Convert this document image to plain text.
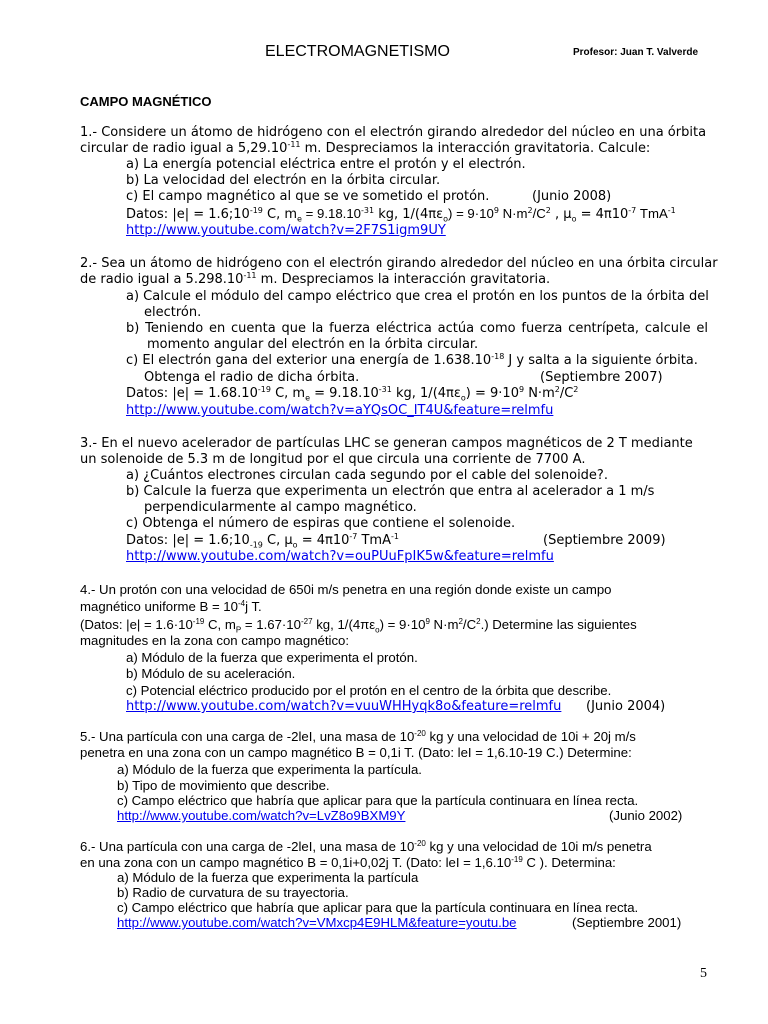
ELECTROMAGNETISMO	Profesor: Juan T. Valverde
CAMPO MAGNÉTICO
1.- Considere un átomo de hidrógeno con el electrón girando alrededor del núcleo en una órbita
circular de radio igual a $5,29.10^{-11}$ m. Despreciamos la interacción gravitatoria. Calcule:
a) La energía potencial eléctrica entre el protón y el electrón.
b) La velocidad del electrón en la órbita circular.
c) El campo magnético al que se ve sometido el protón.	(Junio 2008)
Datos: $|e| = 1.6;10^{-19}$ C, $m_e = 9.18.10^{-31}$ kg, $1/(4\pi\varepsilon_o) = 9\cdot 10^9$ $N\cdot m^2/C^2$ , $\mu_o = 4\pi 10^{-7}$ TmA$^{-1}$
http://www.youtube.com/watch?v=2F7S1igm9UY
2.- Sea un átomo de hidrógeno con el electrón girando alrededor del núcleo en una órbita circular
de radio igual a $5.298.10^{-11}$ m. Despreciamos la interacción gravitatoria.
a) Calcule el módulo del campo eléctrico que crea el protón en los puntos de la órbita del
electrón.
b) Teniendo en cuenta que la fuerza eléctrica actúa como fuerza centrípeta, calcule el
momento angular del electrón en la órbita circular.
c) El electrón gana del exterior una energía de $1.638.10^{-18}$ J y salta a la siguiente órbita.
Obtenga el radio de dicha órbita.	(Septiembre 2007)
Datos: $|e| = 1.68.10^{-19}$ C, $m_e = 9.18.10^{-31}$ kg, $1/(4\pi\varepsilon_o) = 9\cdot 10^9$ $N\cdot m^2/C^2$
http://www.youtube.com/watch?v=aYQsOC_IT4U&feature=relmfu
3.- En el nuevo acelerador de partículas LHC se generan campos magnéticos de 2 T mediante
un solenoide de 5.3 m de longitud por el que circula una corriente de 7700 A.
a) ¿Cuántos electrones circulan cada segundo por el cable del solenoide?.
b) Calcule la fuerza que experimenta un electrón que entra al acelerador a 1 m/s
perpendicularmente al campo magnético.
c) Obtenga el número de espiras que contiene el solenoide.
Datos: $|e| = 1.6;10_{-19}$ C, $\mu_o = 4\pi 10^{-7}$ TmA$^{-1}$	(Septiembre 2009)
http://www.youtube.com/watch?v=ouPUuFpIK5w&feature=relmfu
4.- Un protón con una velocidad de 650i m/s penetra en una región donde existe un campo
magnético uniforme $B = 10^{-4}j$ T.
(Datos: $|e| = 1.6\cdot 10^{-19}$ C, $m_P = 1.67\cdot 10^{-27}$ kg, $1/(4\pi\varepsilon_o) = 9\cdot 10^9$ $N\cdot m^2/C^2$.) Determine las siguientes
magnitudes en la zona con campo magnético:
a) Módulo de la fuerza que experimenta el protón.
b) Módulo de su aceleración.
c) Potencial eléctrico producido por el protón en el centro de la órbita que describe.
http://www.youtube.com/watch?v=vuuWHHyqk8o&feature=relmfu (Junio 2004)
5.- Una partícula con una carga de -2leI, una masa de $10^{-20}$ kg y una velocidad de 10i + 20j m/s
penetra en una zona con un campo magnético B = 0,1i T. (Dato: leI = 1,6.10-19 C.) Determine:
a) Módulo de la fuerza que experimenta la partícula.
b) Tipo de movimiento que describe.
c) Campo eléctrico que habría que aplicar para que la partícula continuara en línea recta.
http://www.youtube.com/watch?v=LvZ8o9BXM9Y	(Junio 2002)
6.- Una partícula con una carga de -2leI, una masa de $10^{-20}$ kg y una velocidad de 10i m/s penetra
en una zona con un campo magnético B = 0,1i+0,02j T. (Dato: leI = $1,6.10^{-19}$ C ). Determina:
a) Módulo de la fuerza que experimenta la partícula
b) Radio de curvatura de su trayectoria.
c) Campo eléctrico que habría que aplicar para que la partícula continuara en línea recta.
http://www.youtube.com/watch?v=VMxcp4E9HLM&feature=youtu.be	(Septiembre 2001)
5
